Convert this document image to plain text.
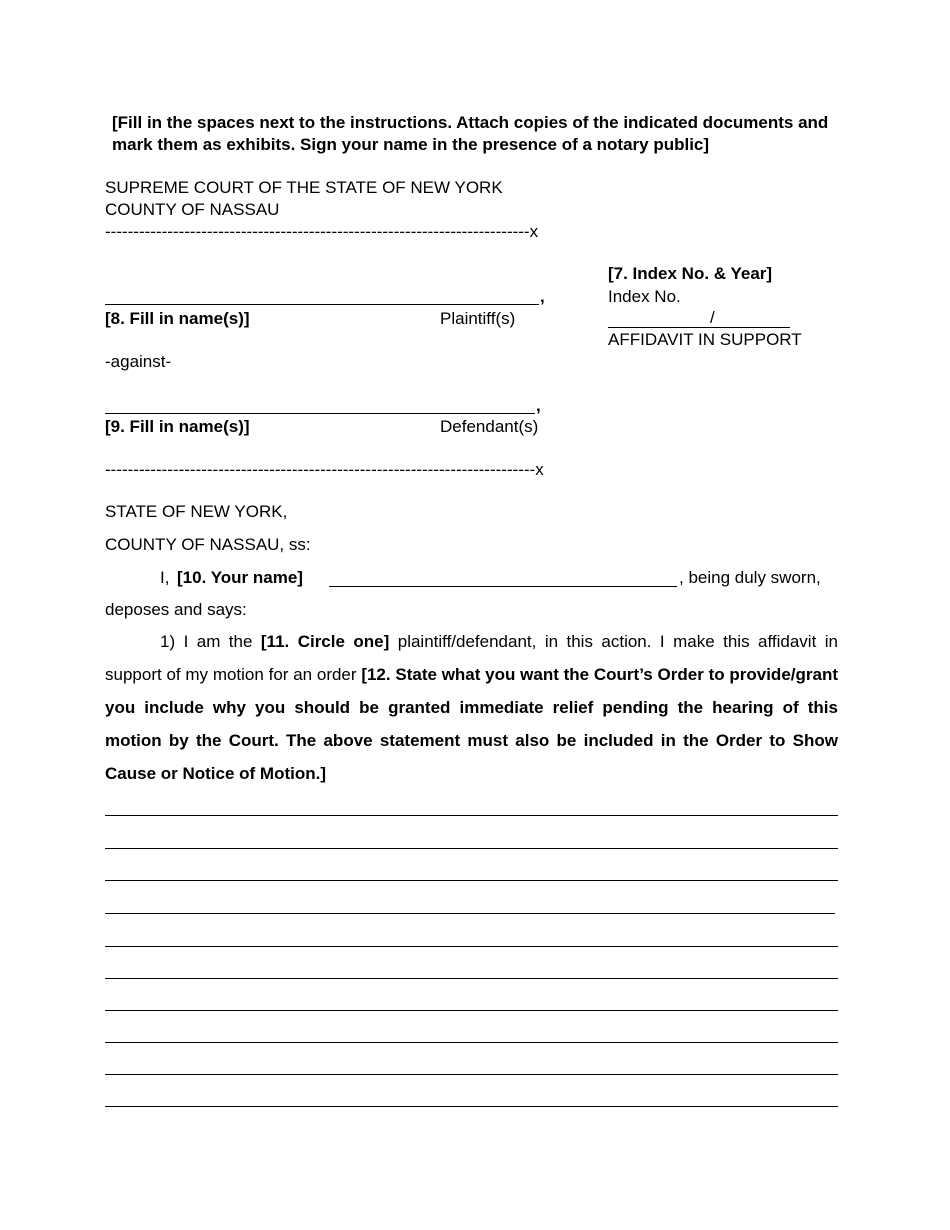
[Fill in the spaces next to the instructions. Attach copies of the indicated documents and mark them as exhibits. Sign your name in the presence of a notary public]
SUPREME COURT OF THE STATE OF NEW YORK
COUNTY OF NASSAU
---------------------------------------------------------------------------x
,
[8. Fill in name(s)]	Plaintiff(s)
-against-
,
[9. Fill in name(s)]	Defendant(s)
[7. Index No. & Year]
Index No.
/
AFFIDAVIT IN SUPPORT
----------------------------------------------------------------------------x
STATE OF NEW YORK,
COUNTY OF NASSAU, ss:
I, [10. Your name]	, being duly sworn,
deposes and says:
1) I am the [11. Circle one] plaintiff/defendant, in this action. I make this affidavit in support of my motion for an order [12. State what you want the Court’s Order to provide/grant you include why you should be granted immediate relief pending the hearing of this motion by the Court. The above statement must also be included in the Order to Show Cause or Notice of Motion.]
